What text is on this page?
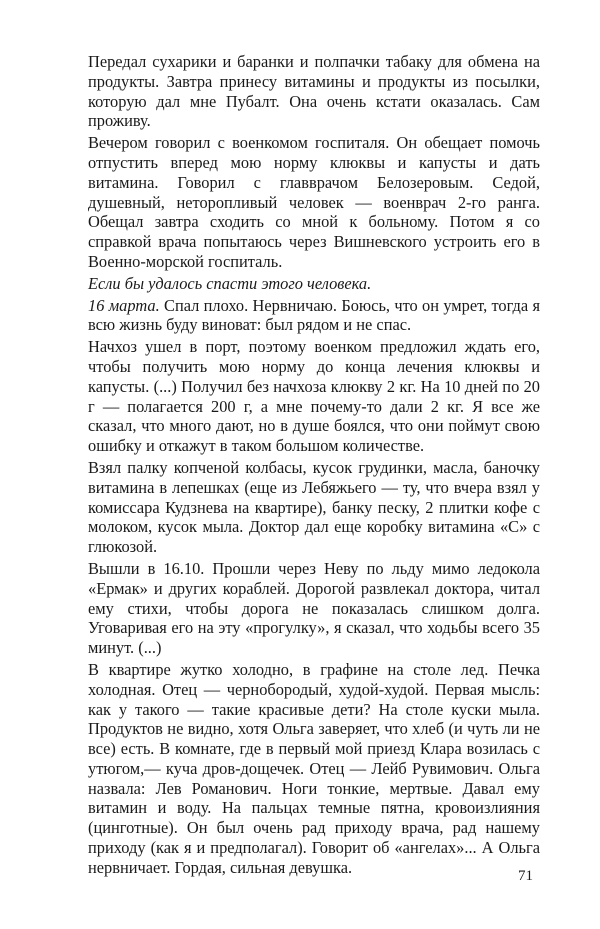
Передал сухарики и баранки и полпачки табаку для обмена на продукты. Завтра принесу витамины и продукты из посылки, которую дал мне Пубалт. Она очень кстати оказалась. Сам проживу.

Вечером говорил с военкомом госпиталя. Он обещает помочь отпустить вперед мою норму клюквы и капусты и дать витамина. Говорил с главврачом Белозеровым. Седой, душевный, неторопливый человек — военврач 2-го ранга. Обещал завтра сходить со мной к больному. Потом я со справкой врача попытаюсь через Вишневского устроить его в Военно-морской госпиталь.

Если бы удалось спасти этого человека.

16 марта. Спал плохо. Нервничаю. Боюсь, что он умрет, тогда я всю жизнь буду виноват: был рядом и не спас.

Начхоз ушел в порт, поэтому военком предложил ждать его, чтобы получить мою норму до конца лечения клюквы и капусты. (...) Получил без начхоза клюкву 2 кг. На 10 дней по 20 г — полагается 200 г, а мне почему-то дали 2 кг. Я все же сказал, что много дают, но в душе боялся, что они поймут свою ошибку и откажут в таком большом количестве.

Взял палку копченой колбасы, кусок грудинки, масла, баночку витамина в лепешках (еще из Лебяжьего — ту, что вчера взял у комиссара Кудзнева на квартире), банку песку, 2 плитки кофе с молоком, кусок мыла. Доктор дал еще коробку витамина «С» с глюкозой.

Вышли в 16.10. Прошли через Неву по льду мимо ледокола «Ермак» и других кораблей. Дорогой развлекал доктора, читал ему стихи, чтобы дорога не показалась слишком долга. Уговаривая его на эту «прогулку», я сказал, что ходьбы всего 35 минут. (...)

В квартире жутко холодно, в графине на столе лед. Печка холодная. Отец — чернобородый, худой-худой. Первая мысль: как у такого — такие красивые дети? На столе куски мыла. Продуктов не видно, хотя Ольга заверяет, что хлеб (и чуть ли не все) есть. В комнате, где в первый мой приезд Клара возилась с утюгом,— куча дров-дощечек. Отец — Лейб Рувимович. Ольга назвала: Лев Романович. Ноги тонкие, мертвые. Давал ему витамин и воду. На пальцах темные пятна, кровоизлияния (цинготные). Он был очень рад приходу врача, рад нашему приходу (как я и предполагал). Говорит об «ангелах»... А Ольга нервничает. Гордая, сильная девушка.	71
